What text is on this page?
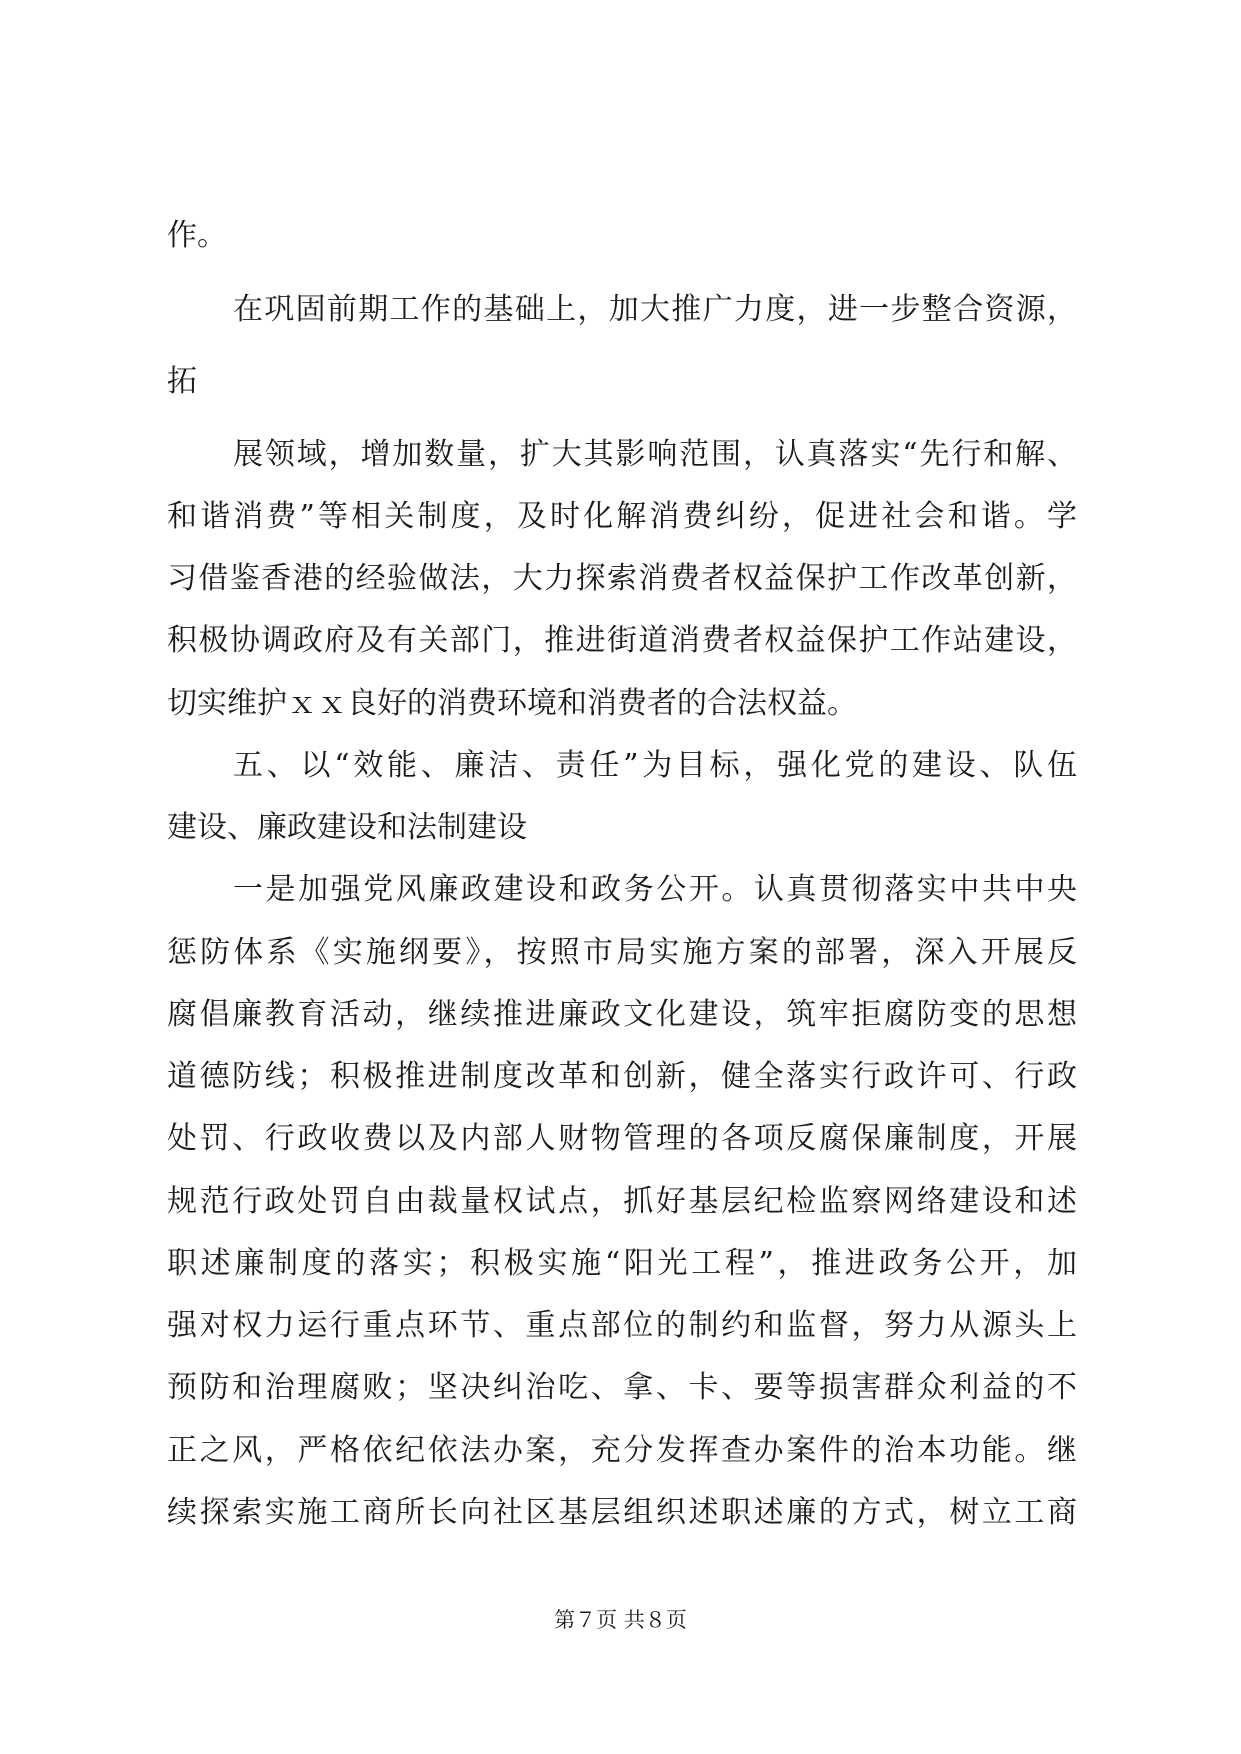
作。
在巩固前期工作的基础上，加大推广力度，进一步整合资源，
拓
展领域，增加数量，扩大其影响范围，认真落实“先行和解、
和谐消费”等相关制度，及时化解消费纠纷，促进社会和谐。学
习借鉴香港的经验做法，大力探索消费者权益保护工作改革创新，
积极协调政府及有关部门，推进街道消费者权益保护工作站建设，
切实维护ｘｘ良好的消费环境和消费者的合法权益。
五、以“效能、廉洁、责任”为目标，强化党的建设、队伍
建设、廉政建设和法制建设
一是加强党风廉政建设和政务公开。认真贯彻落实中共中央
惩防体系《实施纲要》，按照市局实施方案的部署，深入开展反
腐倡廉教育活动，继续推进廉政文化建设，筑牢拒腐防变的思想
道德防线；积极推进制度改革和创新，健全落实行政许可、行政
处罚、行政收费以及内部人财物管理的各项反腐保廉制度，开展
规范行政处罚自由裁量权试点，抓好基层纪检监察网络建设和述
职述廉制度的落实；积极实施“阳光工程”，推进政务公开，加
强对权力运行重点环节、重点部位的制约和监督，努力从源头上
预防和治理腐败；坚决纠治吃、拿、卡、要等损害群众利益的不
正之风，严格依纪依法办案，充分发挥查办案件的治本功能。继
续探索实施工商所长向社区基层组织述职述廉的方式，树立工商
第７页 共８页
